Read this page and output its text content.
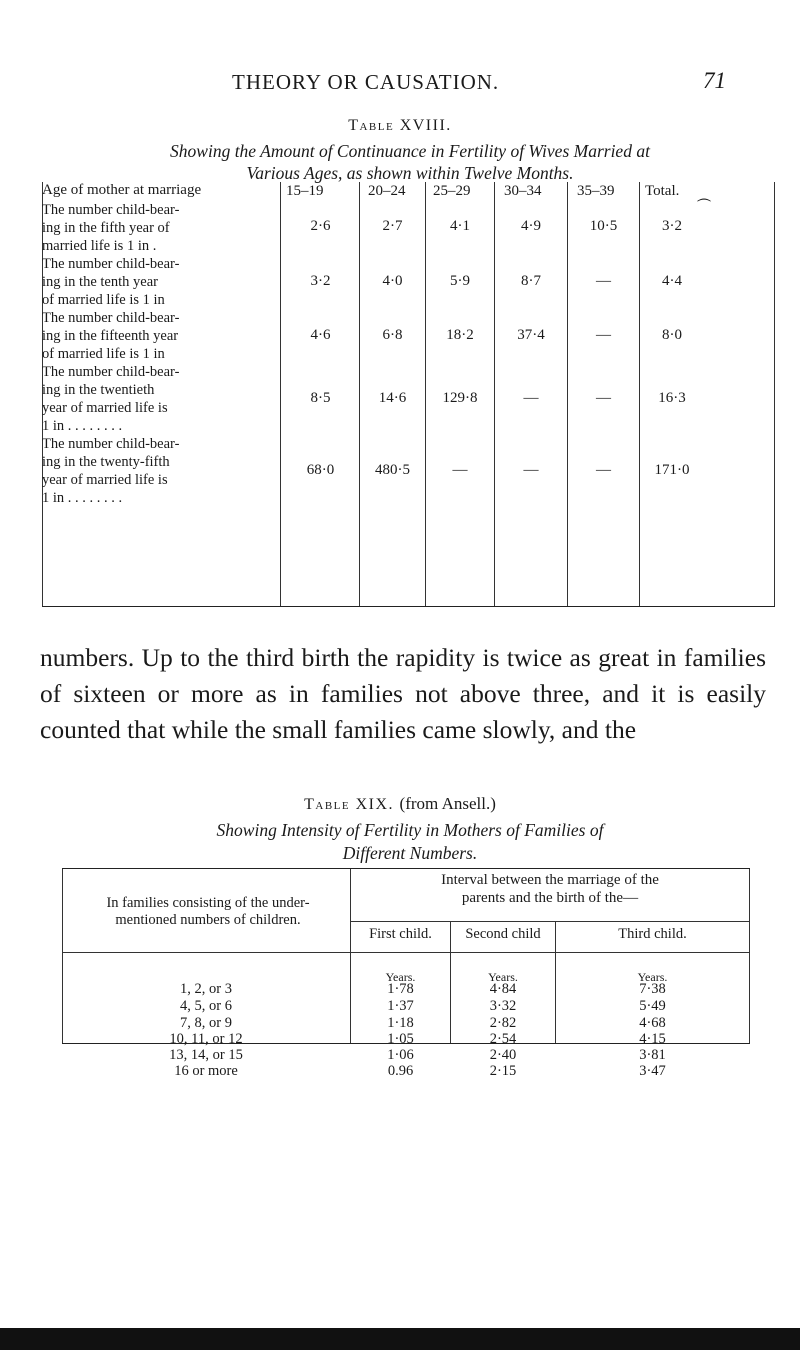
THEORY OR CAUSATION.	71
Table XVIII.
Showing the Amount of Continuance in Fertility of Wives Married at
Various Ages, as shown within Twelve Months.
Age of mother at marriage	15–19	20–24 25–29 30–34 35–39 Total.
⏜
The number child-bear-
ing in the fifth year of
married life is 1 in .
2·6	2·7	4·1	4·9	10·5	3·2
The number child-bear-
ing in the tenth year
of married life is 1 in
3·2	4·0	5·9	8·7	—	4·4
The number child-bear-
ing in the fifteenth year
of married life is 1 in
4·6	6·8	18·2	37·4	—	8·0
The number child-bear-
ing in the twentieth
year of married life is
1 in . . . . . . . .
8·5	14·6	129·8	—	—	16·3
The number child-bear-
ing in the twenty-fifth
year of married life is
1 in . . . . . . . .
68·0	480·5	—	—	—	171·0
numbers. Up to the third birth the rapidity is twice as great in families of sixteen or more as in families not above three, and it is easily counted that while the small families came slowly, and the
Table XIX. (from Ansell.)
Showing Intensity of Fertility in Mothers of Families of
Different Numbers.
In families consisting of the under-
mentioned numbers of children.
Interval between the marriage of the
parents and the birth of the—
First child.	Second child	Third child.
Years.	Years.	Years.
1, 2, or 3	1·78	4·84	7·38
4, 5, or 6	1·37	3·32	5·49
7, 8, or 9	1·18	2·82	4·68
10, 11, or 12	1·05	2·54	4·15
13, 14, or 15	1·06	2·40	3·81
16 or more	0.96	2·15	3·47
